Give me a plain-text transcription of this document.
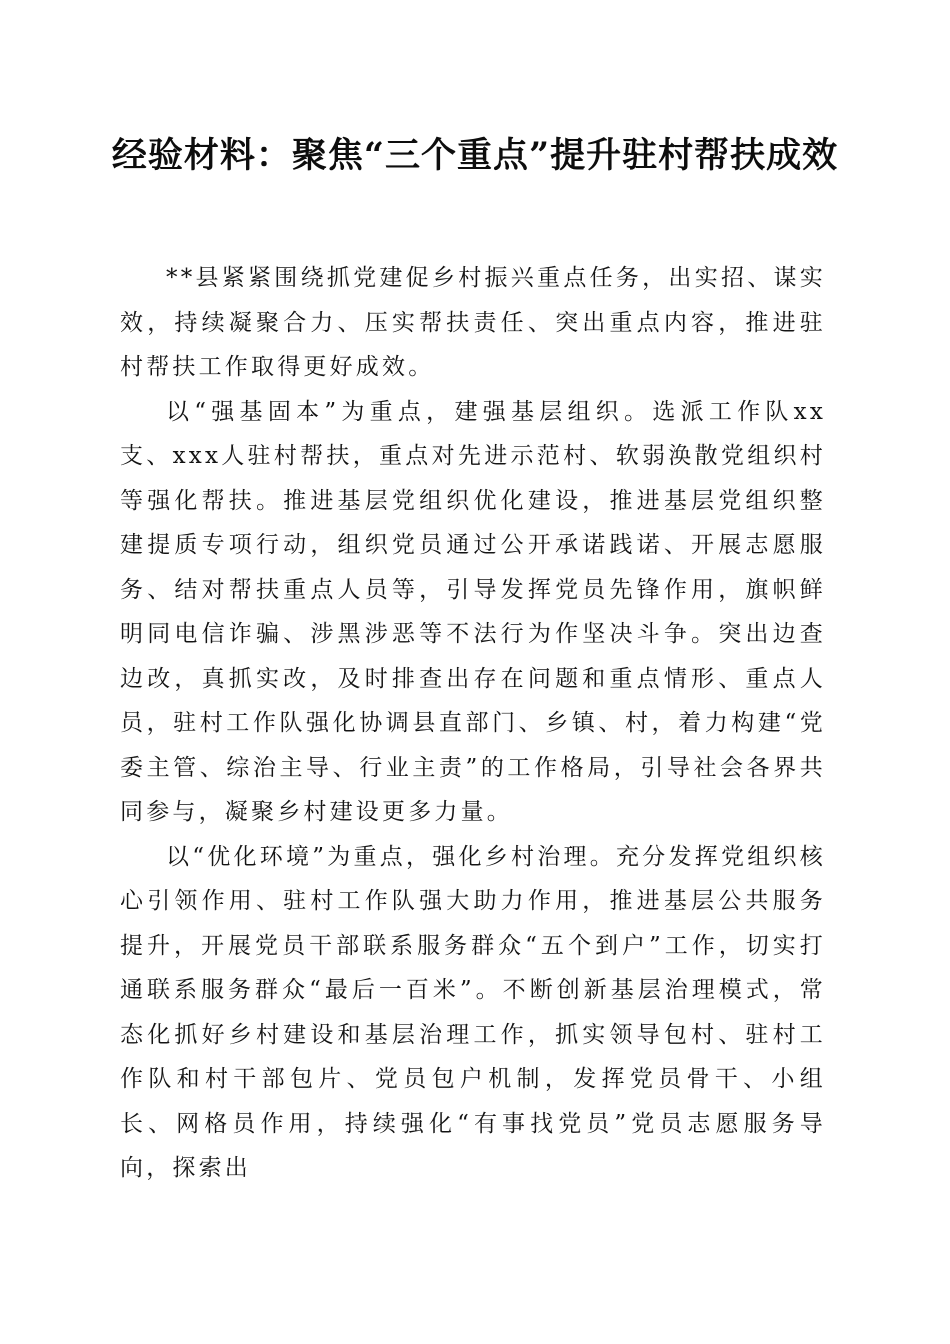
经验材料：聚焦“三个重点”提升驻村帮扶成效

**县紧紧围绕抓党建促乡村振兴重点任务，出实招、谋实效，持续凝聚合力、压实帮扶责任、突出重点内容，推进驻村帮扶工作取得更好成效。

以“强基固本”为重点，建强基层组织。选派工作队xx支、xxx人驻村帮扶，重点对先进示范村、软弱涣散党组织村等强化帮扶。推进基层党组织优化建设，推进基层党组织整建提质专项行动，组织党员通过公开承诺践诺、开展志愿服务、结对帮扶重点人员等，引导发挥党员先锋作用，旗帜鲜明同电信诈骗、涉黑涉恶等不法行为作坚决斗争。突出边查边改，真抓实改，及时排查出存在问题和重点情形、重点人员，驻村工作队强化协调县直部门、乡镇、村，着力构建“党委主管、综治主导、行业主责”的工作格局，引导社会各界共同参与，凝聚乡村建设更多力量。

以“优化环境”为重点，强化乡村治理。充分发挥党组织核心引领作用、驻村工作队强大助力作用，推进基层公共服务提升，开展党员干部联系服务群众“五个到户”工作，切实打通联系服务群众“最后一百米”。不断创新基层治理模式，常态化抓好乡村建设和基层治理工作，抓实领导包村、驻村工作队和村干部包片、党员包户机制，发挥党员骨干、小组长、网格员作用，持续强化“有事找党员”党员志愿服务导向，探索出
